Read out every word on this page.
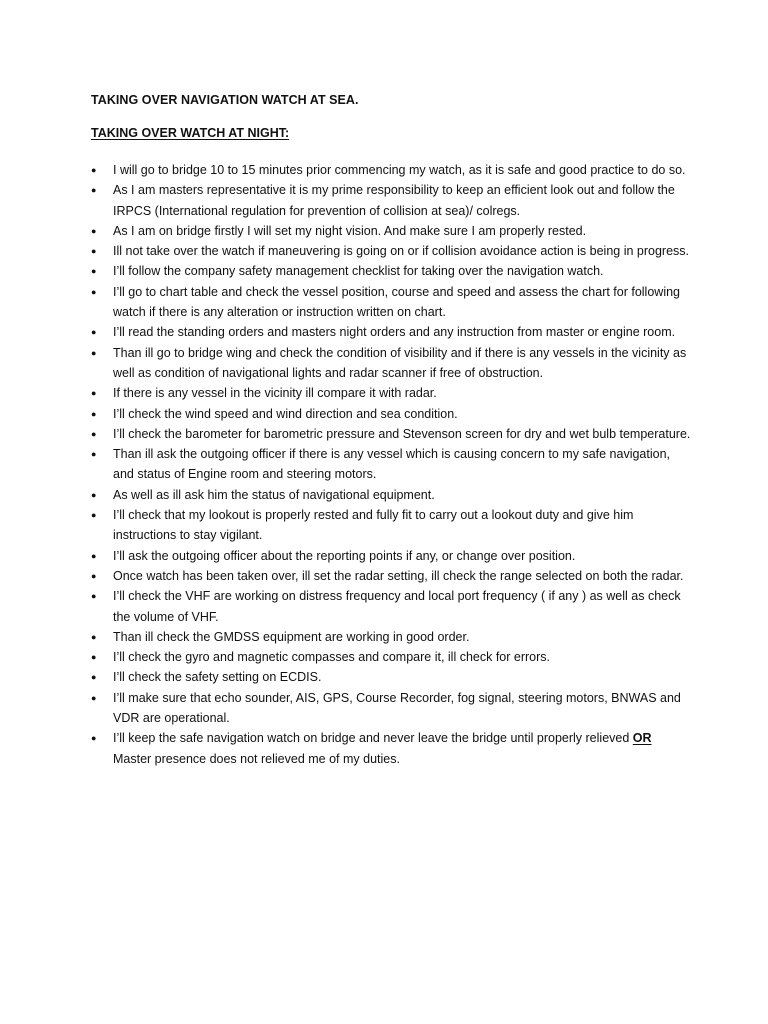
TAKING OVER NAVIGATION WATCH AT SEA.
TAKING OVER WATCH AT NIGHT:
● I will go to bridge 10 to 15 minutes prior commencing my watch, as it is safe and good practice to do so.
● As I am masters representative it is my prime responsibility to keep an efficient look out and follow the IRPCS (International regulation for prevention of collision at sea)/ colregs.
● As I am on bridge firstly I will set my night vision. And make sure I am properly rested.
● Ill not take over the watch if maneuvering is going on or if collision avoidance action is being in progress.
● I’ll follow the company safety management checklist for taking over the navigation watch.
● I’ll go to chart table and check the vessel position, course and speed and assess the chart for following watch if there is any alteration or instruction written on chart.
● I’ll read the standing orders and masters night orders and any instruction from master or engine room.
● Than ill go to bridge wing and check the condition of visibility and if there is any vessels in the vicinity as well as condition of navigational lights and radar scanner if free of obstruction.
● If there is any vessel in the vicinity ill compare it with radar.
● I’ll check the wind speed and wind direction and sea condition.
● I’ll check the barometer for barometric pressure and Stevenson screen for dry and wet bulb temperature.
● Than ill ask the outgoing officer if there is any vessel which is causing concern to my safe navigation, and status of Engine room and steering motors.
● As well as ill ask him the status of navigational equipment.
● I’ll check that my lookout is properly rested and fully fit to carry out a lookout duty and give him instructions to stay vigilant.
● I’ll ask the outgoing officer about the reporting points if any, or change over position.
● Once watch has been taken over, ill set the radar setting, ill check the range selected on both the radar.
● I’ll check the VHF are working on distress frequency and local port frequency ( if any ) as well as check the volume of VHF.
● Than ill check the GMDSS equipment are working in good order.
● I’ll check the gyro and magnetic compasses and compare it, ill check for errors.
● I’ll check the safety setting on ECDIS.
● I’ll make sure that echo sounder, AIS, GPS, Course Recorder, fog signal, steering motors, BNWAS and VDR are operational.
● I’ll keep the safe navigation watch on bridge and never leave the bridge until properly relieved OR Master presence does not relieved me of my duties.
